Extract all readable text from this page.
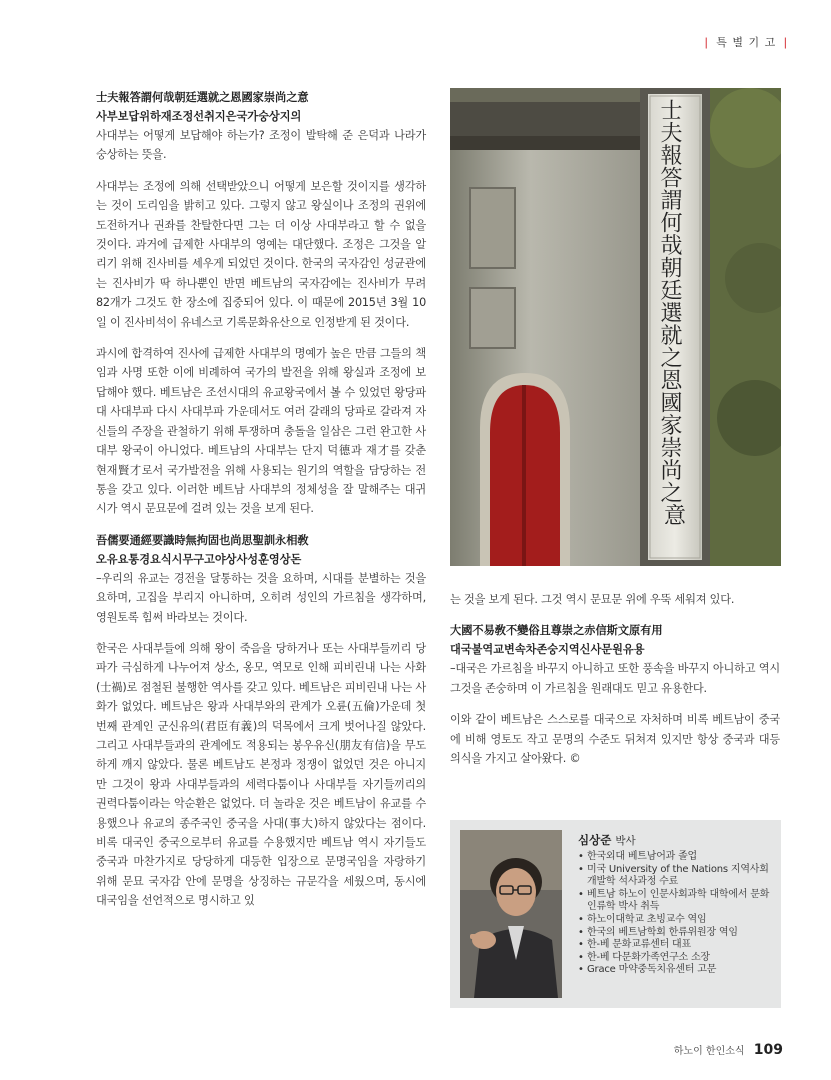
❘ 특 별 기 고 ❘
士夫報答謂何哉朝廷選就之恩國家崇尚之意
사부보답위하재조정선취지은국가숭상지의

사대부는 어떻게 보답해야 하는가? 조정이 발탁해 준 은덕과 나라가 숭상하는 뜻을.

사대부는 조정에 의해 선택받았으니 어떻게 보은할 것이지를 생각하는 것이 도리임을 밝히고 있다. 그렇지 않고 왕실이나 조정의 권위에 도전하거나 권좌를 찬탈한다면 그는 더 이상 사대부라고 할 수 없을 것이다. 과거에 급제한 사대부의 영예는 대단했다. 조정은 그것을 알리기 위해 진사비를 세우게 되었던 것이다. 한국의 국자감인 성균관에는 진사비가 딱 하나뿐인 반면 베트남의 국자감에는 진사비가 무려 82개가 그것도 한 장소에 집중되어 있다. 이 때문에 2015년 3월 10일 이 진사비석이 유네스코 기록문화유산으로 인정받게 된 것이다.

과시에 합격하여 진사에 급제한 사대부의 명예가 높은 만큼 그들의 책임과 사명 또한 이에 비례하여 국가의 발전을 위해 왕실과 조정에 보답해야 했다. 베트남은 조선시대의 유교왕국에서 볼 수 있었던 왕당파 대 사대부파 다시 사대부파 가운데서도 여러 갈래의 당파로 갈라져 자신들의 주장을 관철하기 위해 투쟁하며 충돌을 일삼은 그런 완고한 사대부 왕국이 아니었다. 베트남의 사대부는 단지 덕德과 재才를 갖춘 현재賢才로서 국가발전을 위해 사용되는 원기의 역할을 담당하는 전통을 갖고 있다. 이러한 베트남 사대부의 정체성을 잘 말해주는 대귀시가 역시 문묘문에 걸려 있는 것을 보게 된다.

吾儒要通經要識時無拘固也尚思聖訓永相敎
오유요통경요식시무구고야상사성훈영상돈

–우리의 유교는 경전을 달통하는 것을 요하며, 시대를 분별하는 것을 요하며, 고집을 부리지 아니하며, 오히려 성인의 가르침을 생각하며, 영원토록 힘써 바라보는 것이다.

한국은 사대부들에 의해 왕이 죽음을 당하거나 또는 사대부들끼리 당파가 극심하게 나누어져 상소, 옹모, 역모로 인해 피비린내 나는 사화(士禍)로 점철된 불행한 역사를 갖고 있다. 베트남은 피비린내 나는 사화가 없었다. 베트남은 왕과 사대부와의 관계가 오륜(五倫)가운데 첫 번째 관계인 군신유의(君臣有義)의 덕목에서 크게 벗어나질 않았다. 그리고 사대부들과의 관계에도 적용되는 봉우유신(朋友有信)을 무도하게 깨지 않았다. 물론 베트남도 본정과 정쟁이 없었던 것은 아니지만 그것이 왕과 사대부들과의 세력다툼이나 사대부들 자기들끼리의 권력다툼이라는 악순환은 없었다. 더 놀라운 것은 베트남이 유교를 수용했으나 유교의 종주국인 중국을 사대(事大)하지 않았다는 점이다. 비록 대국인 중국으로부터 유교를 수용했지만 베트남 역시 자기들도 중국과 마찬가지로 당당하게 대등한 입장으로 문명국임을 자랑하기 위해 문묘 국자감 안에 문명을 상징하는 규문각을 세웠으며, 동시에 대국임을 선언적으로 명시하고 있

士 夫 報 答 謂 何 哉 朝 廷 選 就 之 恩 國 家 崇 尚 之 意

는 것을 보게 된다. 그것 역시 문묘문 위에 우뚝 세워져 있다.

大國不易敎不變俗且尊崇之赤信斯文原有用
대국불역교변속차존숭지역신사문원유용

–대국은 가르침을 바꾸지 아니하고 또한 풍속을 바꾸지 아니하고 역시 그것을 존숭하며 이 가르침을 원래대도 믿고 유용한다.

이와 같이 베트남은 스스로를 대국으로 자처하며 비록 베트남이 중국에 비해 영토도 작고 문명의 수준도 뒤쳐져 있지만 항상 중국과 대등의식을 가지고 살아왔다. ©

심상준 박사
• 한국외대 베트남어과 졸업
• 미국 University of the Nations 지역사회개발학 석사과정 수료
• 베트남 하노이 인문사회과학 대학에서 문화인류학 박사 취득
• 하노이대학교 초빙교수 역임
• 한국의 베트남학회 한류위원장 역임
• 한-베 문화교류센터 대표
• 한-베 다문화가족연구소 소장
• Grace 마약중독치유센터 고문
하노이 한인소식 109
